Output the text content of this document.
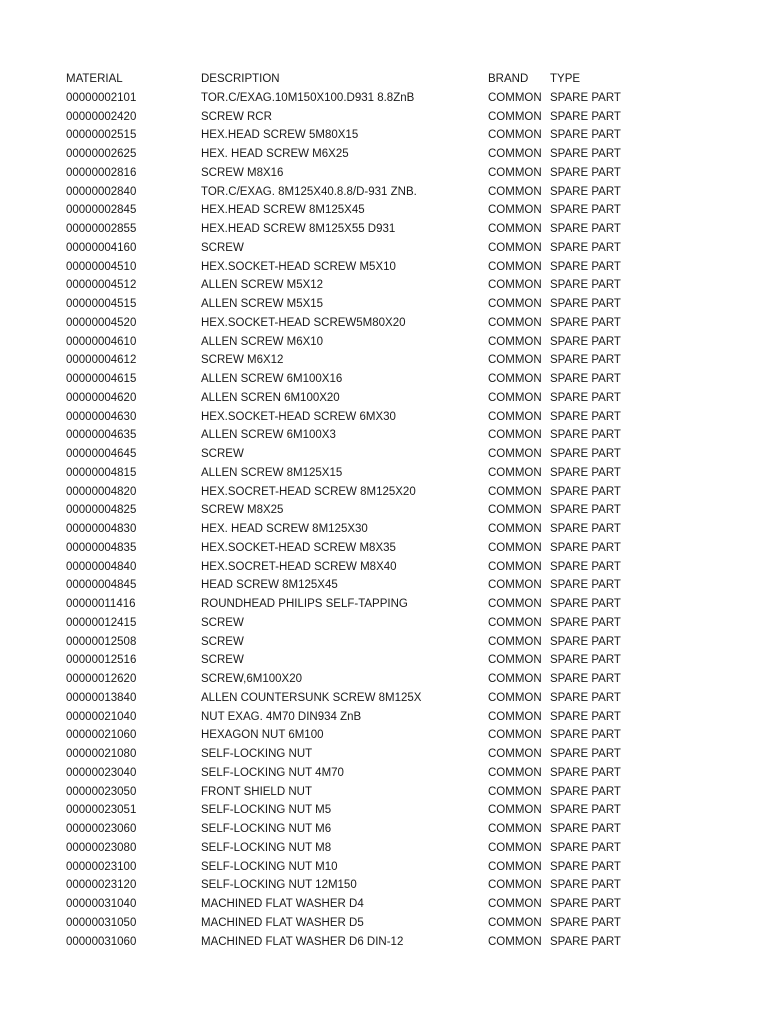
MATERIAL	DESCRIPTION	BRAND	TYPE
00000002101	TOR.C/EXAG.10M150X100.D931 8.8ZnB	COMMON SPARE PART
00000002420	SCREW RCR	COMMON SPARE PART
00000002515	HEX.HEAD SCREW 5M80X15	COMMON SPARE PART
00000002625	HEX. HEAD SCREW M6X25	COMMON SPARE PART
00000002816	SCREW M8X16	COMMON SPARE PART
00000002840	TOR.C/EXAG. 8M125X40.8.8/D-931 ZNB.	COMMON SPARE PART
00000002845	HEX.HEAD SCREW 8M125X45	COMMON SPARE PART
00000002855	HEX.HEAD SCREW 8M125X55 D931	COMMON SPARE PART
00000004160	SCREW	COMMON SPARE PART
00000004510	HEX.SOCKET-HEAD SCREW M5X10	COMMON SPARE PART
00000004512	ALLEN SCREW M5X12	COMMON SPARE PART
00000004515	ALLEN SCREW M5X15	COMMON SPARE PART
00000004520	HEX.SOCKET-HEAD SCREW5M80X20	COMMON SPARE PART
00000004610	ALLEN SCREW M6X10	COMMON SPARE PART
00000004612	SCREW M6X12	COMMON SPARE PART
00000004615	ALLEN SCREW 6M100X16	COMMON SPARE PART
00000004620	ALLEN SCREN 6M100X20	COMMON SPARE PART
00000004630	HEX.SOCKET-HEAD SCREW 6MX30	COMMON SPARE PART
00000004635	ALLEN SCREW 6M100X3	COMMON SPARE PART
00000004645	SCREW	COMMON SPARE PART
00000004815	ALLEN SCREW 8M125X15	COMMON SPARE PART
00000004820	HEX.SOCRET-HEAD SCREW 8M125X20	COMMON SPARE PART
00000004825	SCREW M8X25	COMMON SPARE PART
00000004830	HEX. HEAD SCREW 8M125X30	COMMON SPARE PART
00000004835	HEX.SOCKET-HEAD SCREW M8X35	COMMON SPARE PART
00000004840	HEX.SOCRET-HEAD SCREW M8X40	COMMON SPARE PART
00000004845	HEAD SCREW 8M125X45	COMMON SPARE PART
00000011416	ROUNDHEAD PHILIPS SELF-TAPPING	COMMON SPARE PART
00000012415	SCREW	COMMON SPARE PART
00000012508	SCREW	COMMON SPARE PART
00000012516	SCREW	COMMON SPARE PART
00000012620	SCREW,6M100X20	COMMON SPARE PART
00000013840	ALLEN COUNTERSUNK SCREW 8M125X	COMMON SPARE PART
00000021040	NUT EXAG. 4M70 DIN934 ZnB	COMMON SPARE PART
00000021060	HEXAGON NUT 6M100	COMMON SPARE PART
00000021080	SELF-LOCKING NUT	COMMON SPARE PART
00000023040	SELF-LOCKING NUT 4M70	COMMON SPARE PART
00000023050	FRONT SHIELD NUT	COMMON SPARE PART
00000023051	SELF-LOCKING NUT M5	COMMON SPARE PART
00000023060	SELF-LOCKING NUT M6	COMMON SPARE PART
00000023080	SELF-LOCKING NUT M8	COMMON SPARE PART
00000023100	SELF-LOCKING NUT M10	COMMON SPARE PART
00000023120	SELF-LOCKING NUT 12M150	COMMON SPARE PART
00000031040	MACHINED FLAT WASHER D4	COMMON SPARE PART
00000031050	MACHINED FLAT WASHER D5	COMMON SPARE PART
00000031060	MACHINED FLAT WASHER D6 DIN-12	COMMON SPARE PART
